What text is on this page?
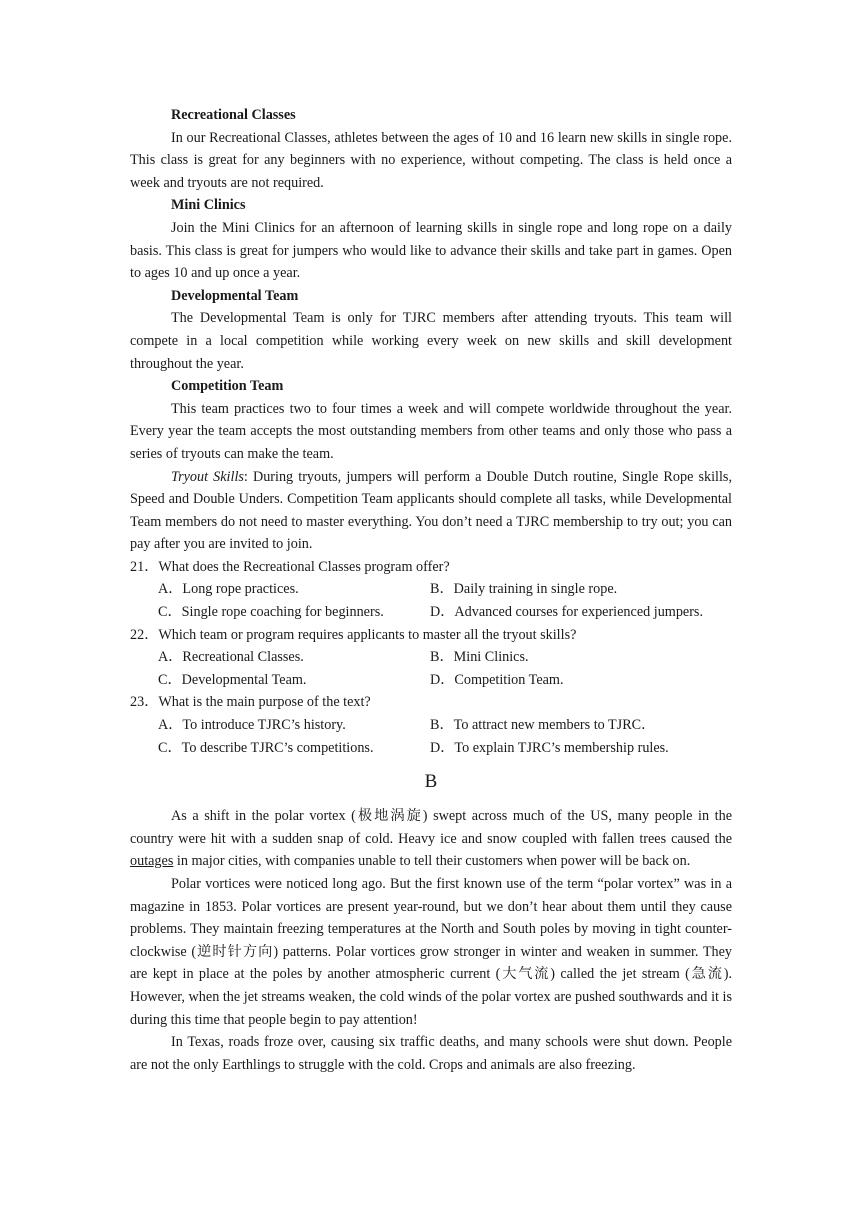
Recreational Classes
In our Recreational Classes, athletes between the ages of 10 and 16 learn new skills in single rope. This class is great for any beginners with no experience, without competing. The class is held once a week and tryouts are not required.
Mini Clinics
Join the Mini Clinics for an afternoon of learning skills in single rope and long rope on a daily basis. This class is great for jumpers who would like to advance their skills and take part in games. Open to ages 10 and up once a year.
Developmental Team
The Developmental Team is only for TJRC members after attending tryouts. This team will compete in a local competition while working every week on new skills and skill development throughout the year.
Competition Team
This team practices two to four times a week and will compete worldwide throughout the year. Every year the team accepts the most outstanding members from other teams and only those who pass a series of tryouts can make the team.
Tryout Skills: During tryouts, jumpers will perform a Double Dutch routine, Single Rope skills, Speed and Double Unders. Competition Team applicants should complete all tasks, while Developmental Team members do not need to master everything. You don’t need a TJRC membership to try out; you can pay after you are invited to join.
21．What does the Recreational Classes program offer?
A．Long rope practices.	B．Daily training in single rope.
C．Single rope coaching for beginners.	D．Advanced courses for experienced jumpers.
22．Which team or program requires applicants to master all the tryout skills?
A．Recreational Classes.	B．Mini Clinics.
C．Developmental Team.	D．Competition Team.
23．What is the main purpose of the text?
A．To introduce TJRC’s history.	B．To attract new members to TJRC．
C．To describe TJRC’s competitions.	D．To explain TJRC’s membership rules.
B
As a shift in the polar vortex (极地涡旋) swept across much of the US, many people in the country were hit with a sudden snap of cold. Heavy ice and snow coupled with fallen trees caused the outages in major cities, with companies unable to tell their customers when power will be back on.
Polar vortices were noticed long ago. But the first known use of the term “polar vortex” was in a magazine in 1853. Polar vortices are present year-round, but we don’t hear about them until they cause problems. They maintain freezing temperatures at the North and South poles by moving in tight counter-clockwise (逆时针方向) patterns. Polar vortices grow stronger in winter and weaken in summer. They are kept in place at the poles by another atmospheric current (大气流) called the jet stream (急流). However, when the jet streams weaken, the cold winds of the polar vortex are pushed southwards and it is during this time that people begin to pay attention!
In Texas, roads froze over, causing six traffic deaths, and many schools were shut down. People are not the only Earthlings to struggle with the cold. Crops and animals are also freezing.
